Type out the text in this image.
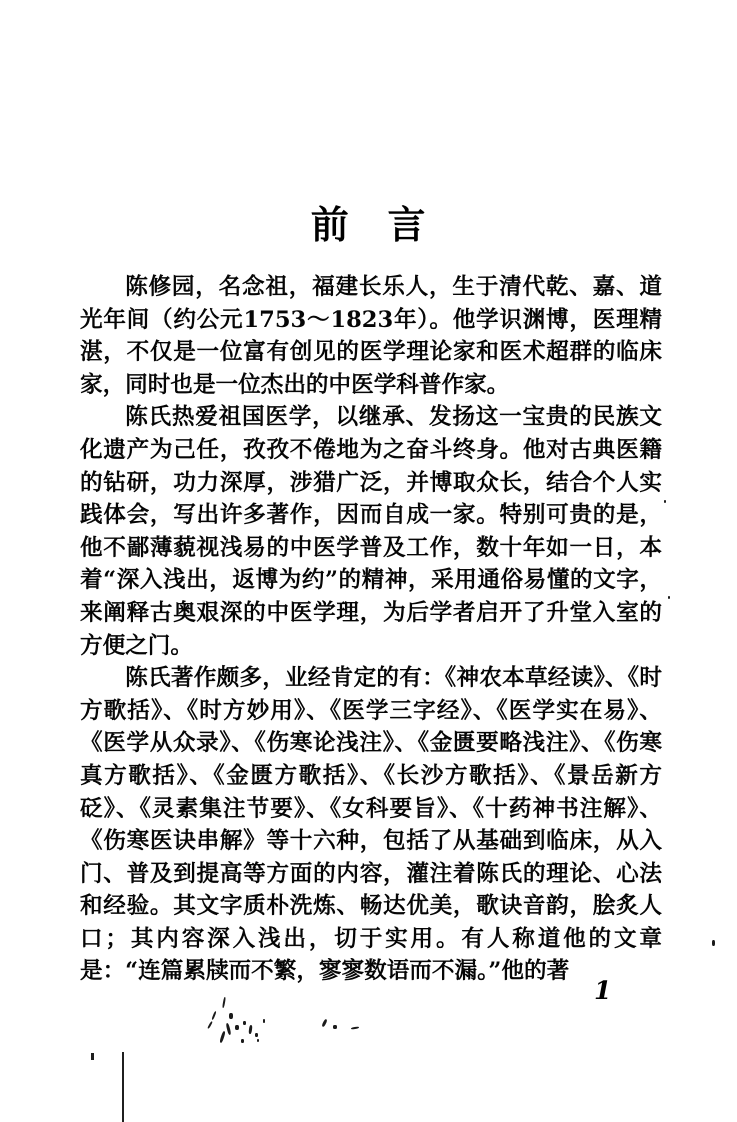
前 言

陈修园，名念祖，福建长乐人，生于清代乾、嘉、道光年间（约公元1753～1823年）。他学识渊博，医理精湛，不仅是一位富有创见的医学理论家和医术超群的临床家，同时也是一位杰出的中医学科普作家。

陈氏热爱祖国医学，以继承、发扬这一宝贵的民族文化遗产为己任，孜孜不倦地为之奋斗终身。他对古典医籍的钻研，功力深厚，涉猎广泛，并博取众长，结合个人实践体会，写出许多著作，因而自成一家。特别可贵的是，他不鄙薄藐视浅易的中医学普及工作，数十年如一日，本着“深入浅出，返博为约”的精神，采用通俗易懂的文字，来阐释古奥艰深的中医学理，为后学者启开了升堂入室的方便之门。

陈氏著作颇多，业经肯定的有：《神农本草经读》、《时方歌括》、《时方妙用》、《医学三字经》、《医学实在易》、《医学从众录》、《伤寒论浅注》、《金匮要略浅注》、《伤寒真方歌括》、《金匮方歌括》、《长沙方歌括》、《景岳新方砭》、《灵素集注节要》、《女科要旨》、《十药神书注解》、《伤寒医诀串解》等十六种，包括了从基础到临床，从入门、普及到提高等方面的内容，灌注着陈氏的理论、心法和经验。其文字质朴洗炼、畅达优美，歌诀音韵，脍炙人口；其内容深入浅出，切于实用。有人称道他的文章是：“连篇累牍而不繁，寥寥数语而不漏。”他的著

1
